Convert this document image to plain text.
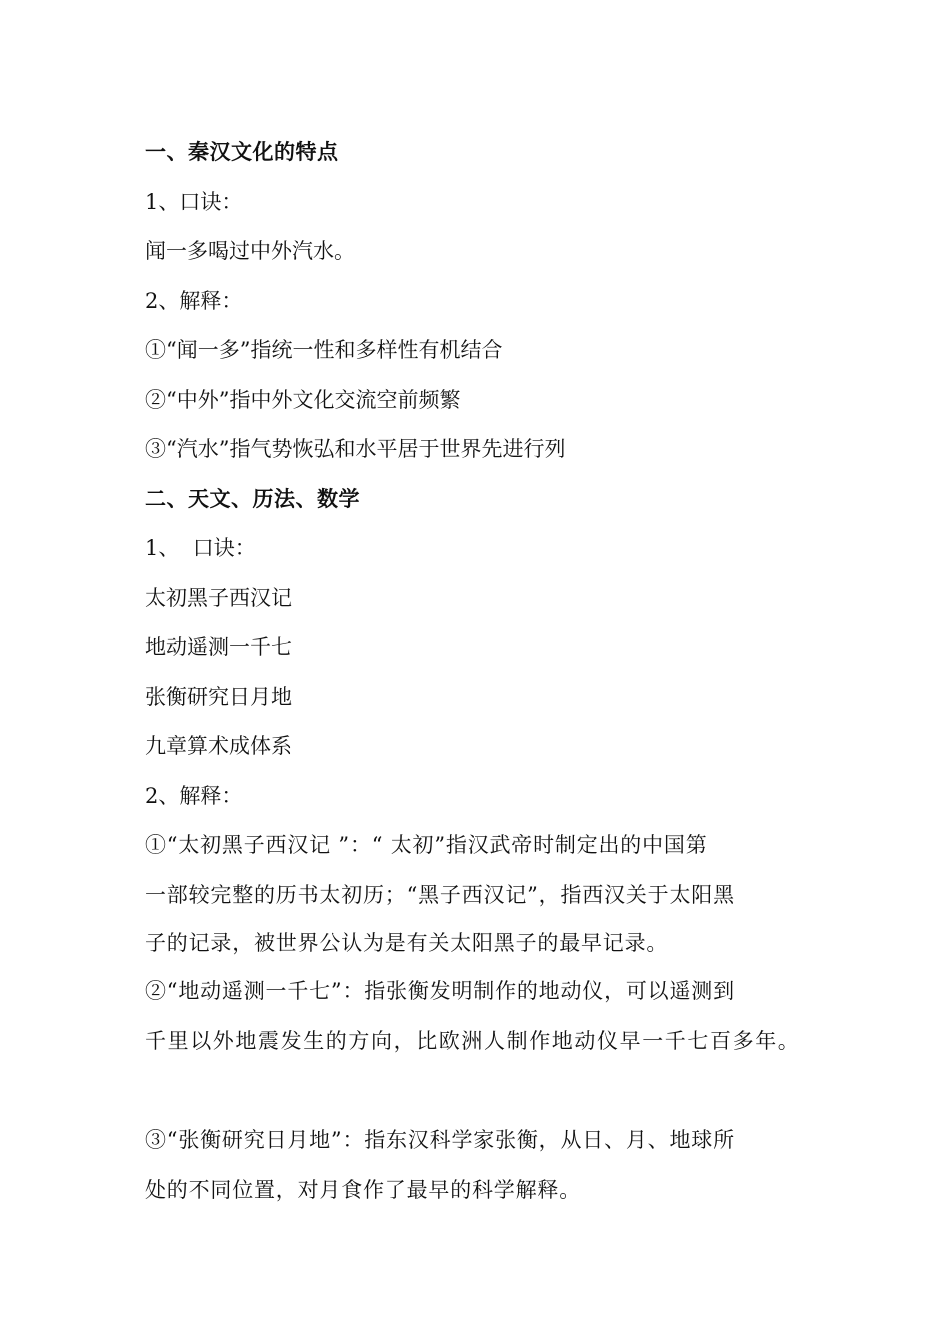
一、秦汉文化的特点

1、口诀：

闻一多喝过中外汽水。

2、解释：

①“闻一多”指统一性和多样性有机结合

②“中外”指中外文化交流空前频繁

③“汽水”指气势恢弘和水平居于世界先进行列

二、天文、历法、数学

1、  口诀：

太初黑子西汉记

地动遥测一千七

张衡研究日月地

九章算术成体系

2、解释：

①“太初黑子西汉记 ”：“ 太初”指汉武帝时制定出的中国第
一部较完整的历书太初历；“黑子西汉记”，指西汉关于太阳黑
子的记录，被世界公认为是有关太阳黑子的最早记录。
②“地动遥测一千七”：指张衡发明制作的地动仪，可以遥测到
千里以外地震发生的方向，比欧洲人制作地动仪早一千七百多年。
③“张衡研究日月地”：指东汉科学家张衡，从日、月、地球所
处的不同位置，对月食作了最早的科学解释。
